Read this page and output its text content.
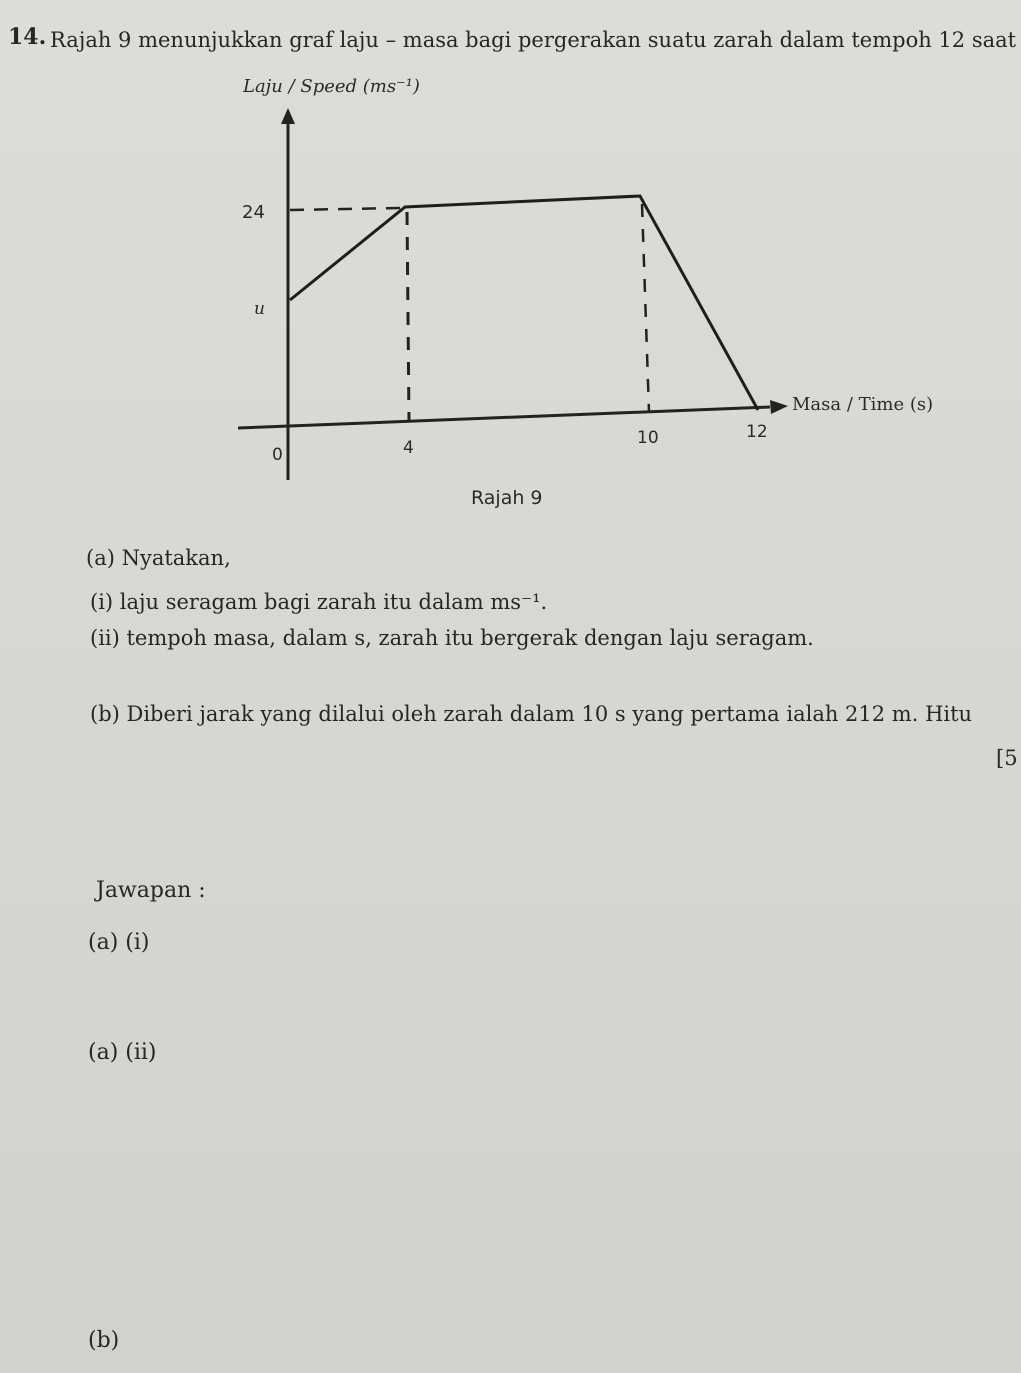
14. Rajah 9 menunjukkan graf laju – masa bagi pergerakan suatu zarah dalam tempoh 12 saat
Laju / Speed (ms⁻¹)
Masa / Time (s)
24
u
0	4	10	12
Rajah 9
(a) Nyatakan,
(i) laju seragam bagi zarah itu dalam ms⁻¹.
(ii) tempoh masa, dalam s, zarah itu bergerak dengan laju seragam.
(b) Diberi jarak yang dilalui oleh zarah dalam 10 s yang pertama ialah 212 m. Hitu
[5
Jawapan :
(a) (i)
(a) (ii)
(b)
